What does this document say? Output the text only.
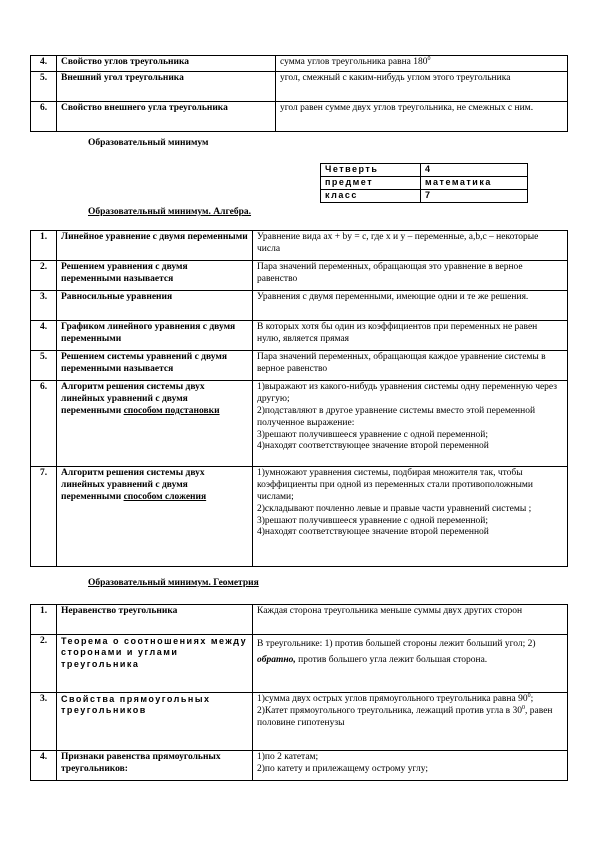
4.	Свойство углов треугольника	сумма углов треугольника равна $180^0$
5.	Внешний угол треугольника	угол, смежный с каким-нибудь углом этого треугольника
6.	Свойство внешнего угла треугольника	угол равен сумме двух углов треугольника, не смежных с ним.
Образовательный минимум
Четверть	4
предмет	математика
класс	7
Образовательный минимум. Алгебра.
1.	Линейное уравнение с двумя переменными	Уравнение вида ax + by = c, где x и y – переменные, a,b,c – некоторые числа
2.	Решением уравнения с двумя переменными называется	Пара значений переменных, обращающая это уравнение в верное равенство
3.	Равносильные уравнения	Уравнения с двумя переменными, имеющие одни и те же решения.
4.	Графиком линейного уравнения с двумя переменными	В которых хотя бы один из коэффициентов при переменных не равен нулю, является прямая
5.	Решением системы уравнений с двумя переменными называется	Пара значений переменных, обращающая каждое уравнение системы в верное равенство
6.	Алгоритм решения системы двух линейных уравнений с двумя переменными способом подстановки	1)выражают из какого-нибудь уравнения системы одну переменную через другую;
2)подставляют в другое уравнение системы вместо этой переменной полученное выражение:
3)решают получившееся уравнение с одной переменной;
4)находят соответствующее значение второй переменной

7.	Алгоритм решения системы двух линейных уравнений с двумя переменными способом сложения	1)умножают уравнения системы, подбирая множителя так, чтобы коэффициенты при одной из переменных стали противоположными числами;
2)складывают почленно левые и правые части уравнений системы ;
3)решают получившееся уравнение с одной переменной;
4)находят соответствующее значение второй переменной
Образовательный минимум. Геометрия
1.	Неравенство треугольника	Каждая сторона треугольника меньше суммы двух других сторон
2.	Теорема о соотношениях между сторонами и углами треугольника	В треугольнике: 1) против большей стороны лежит больший угол; 2) обратно, против большего угла лежит большая сторона.
3.	Свойства прямоугольных треугольников	1)сумма двух острых углов прямоугольного треугольника равна $90^0$;
2)Катет прямоугольного треугольника, лежащий против угла в $30^0$, равен половине гипотенузы

4.	Признаки равенства прямоугольных треугольников:	1)по 2 катетам;
2)по катету и прилежащему острому углу;
